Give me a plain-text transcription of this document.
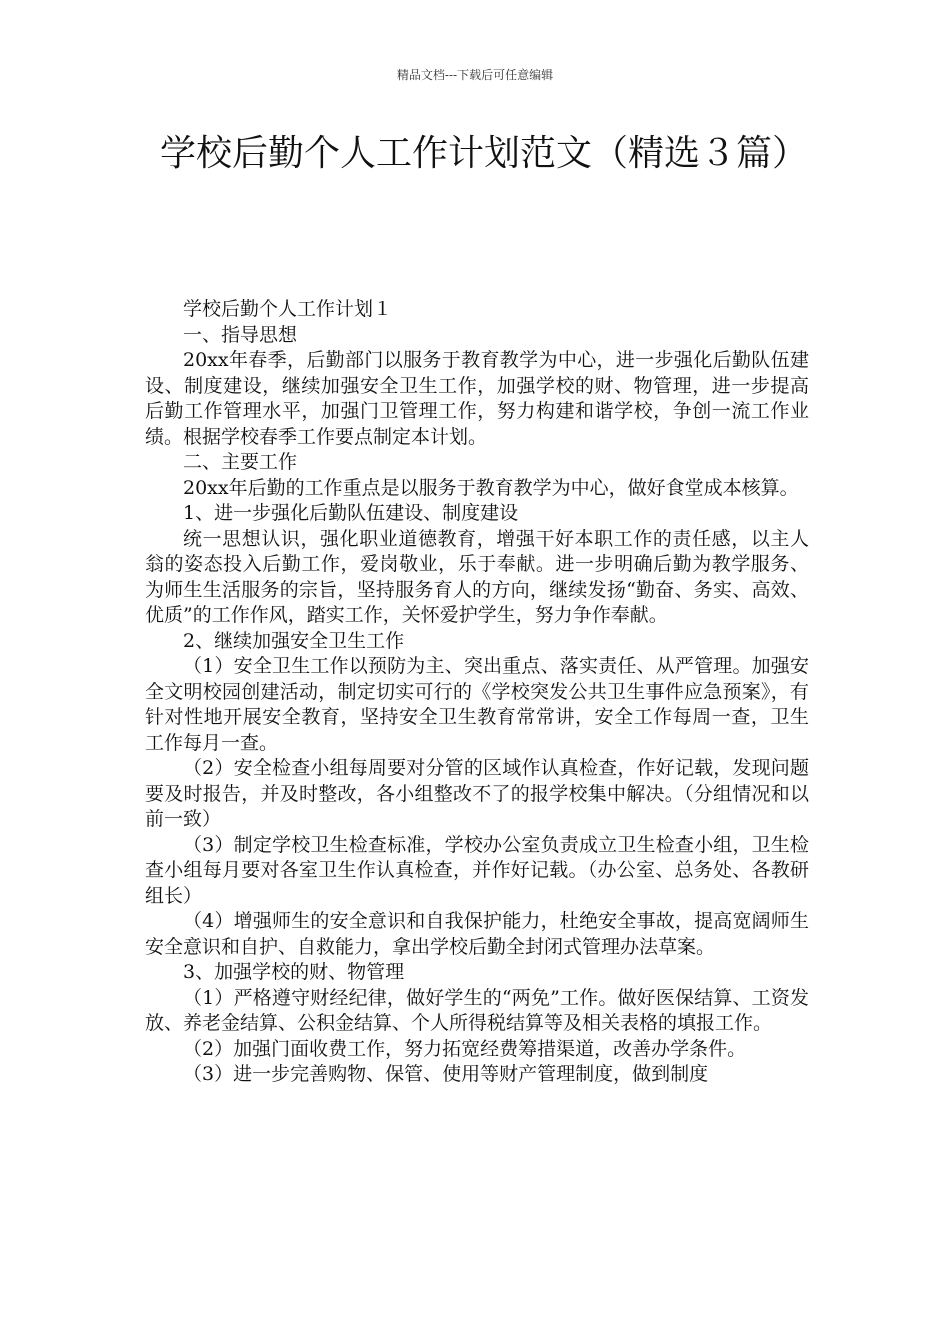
精品文档---下载后可任意编辑
学校后勤个人工作计划范文（精选３篇）

学校后勤个人工作计划１

一、指导思想

20xx年春季，后勤部门以服务于教育教学为中心，进一步强化后勤队伍建设、制度建设，继续加强安全卫生工作，加强学校的财、物管理，进一步提高后勤工作管理水平，加强门卫管理工作，努力构建和谐学校，争创一流工作业绩。根据学校春季工作要点制定本计划。

二、主要工作

20xx年后勤的工作重点是以服务于教育教学为中心，做好食堂成本核算。

1、进一步强化后勤队伍建设、制度建设

统一思想认识，强化职业道德教育，增强干好本职工作的责任感，以主人翁的姿态投入后勤工作，爱岗敬业，乐于奉献。进一步明确后勤为教学服务、为师生生活服务的宗旨，坚持服务育人的方向，继续发扬“勤奋、务实、高效、优质”的工作作风，踏实工作，关怀爱护学生，努力争作奉献。

2、继续加强安全卫生工作

（1）安全卫生工作以预防为主、突出重点、落实责任、从严管理。加强安全文明校园创建活动，制定切实可行的《学校突发公共卫生事件应急预案》，有针对性地开展安全教育，坚持安全卫生教育常常讲，安全工作每周一查，卫生工作每月一查。

（2）安全检查小组每周要对分管的区域作认真检查，作好记载，发现问题要及时报告，并及时整改，各小组整改不了的报学校集中解决。（分组情况和以前一致）

（3）制定学校卫生检查标准，学校办公室负责成立卫生检查小组，卫生检查小组每月要对各室卫生作认真检查，并作好记载。（办公室、总务处、各教研组长）

（4）增强师生的安全意识和自我保护能力，杜绝安全事故，提高宽阔师生安全意识和自护、自救能力，拿出学校后勤全封闭式管理办法草案。

3、加强学校的财、物管理

（1）严格遵守财经纪律，做好学生的“两免”工作。做好医保结算、工资发放、养老金结算、公积金结算、个人所得税结算等及相关表格的填报工作。

（2）加强门面收费工作，努力拓宽经费筹措渠道，改善办学条件。

（3）进一步完善购物、保管、使用等财产管理制度，做到制度
